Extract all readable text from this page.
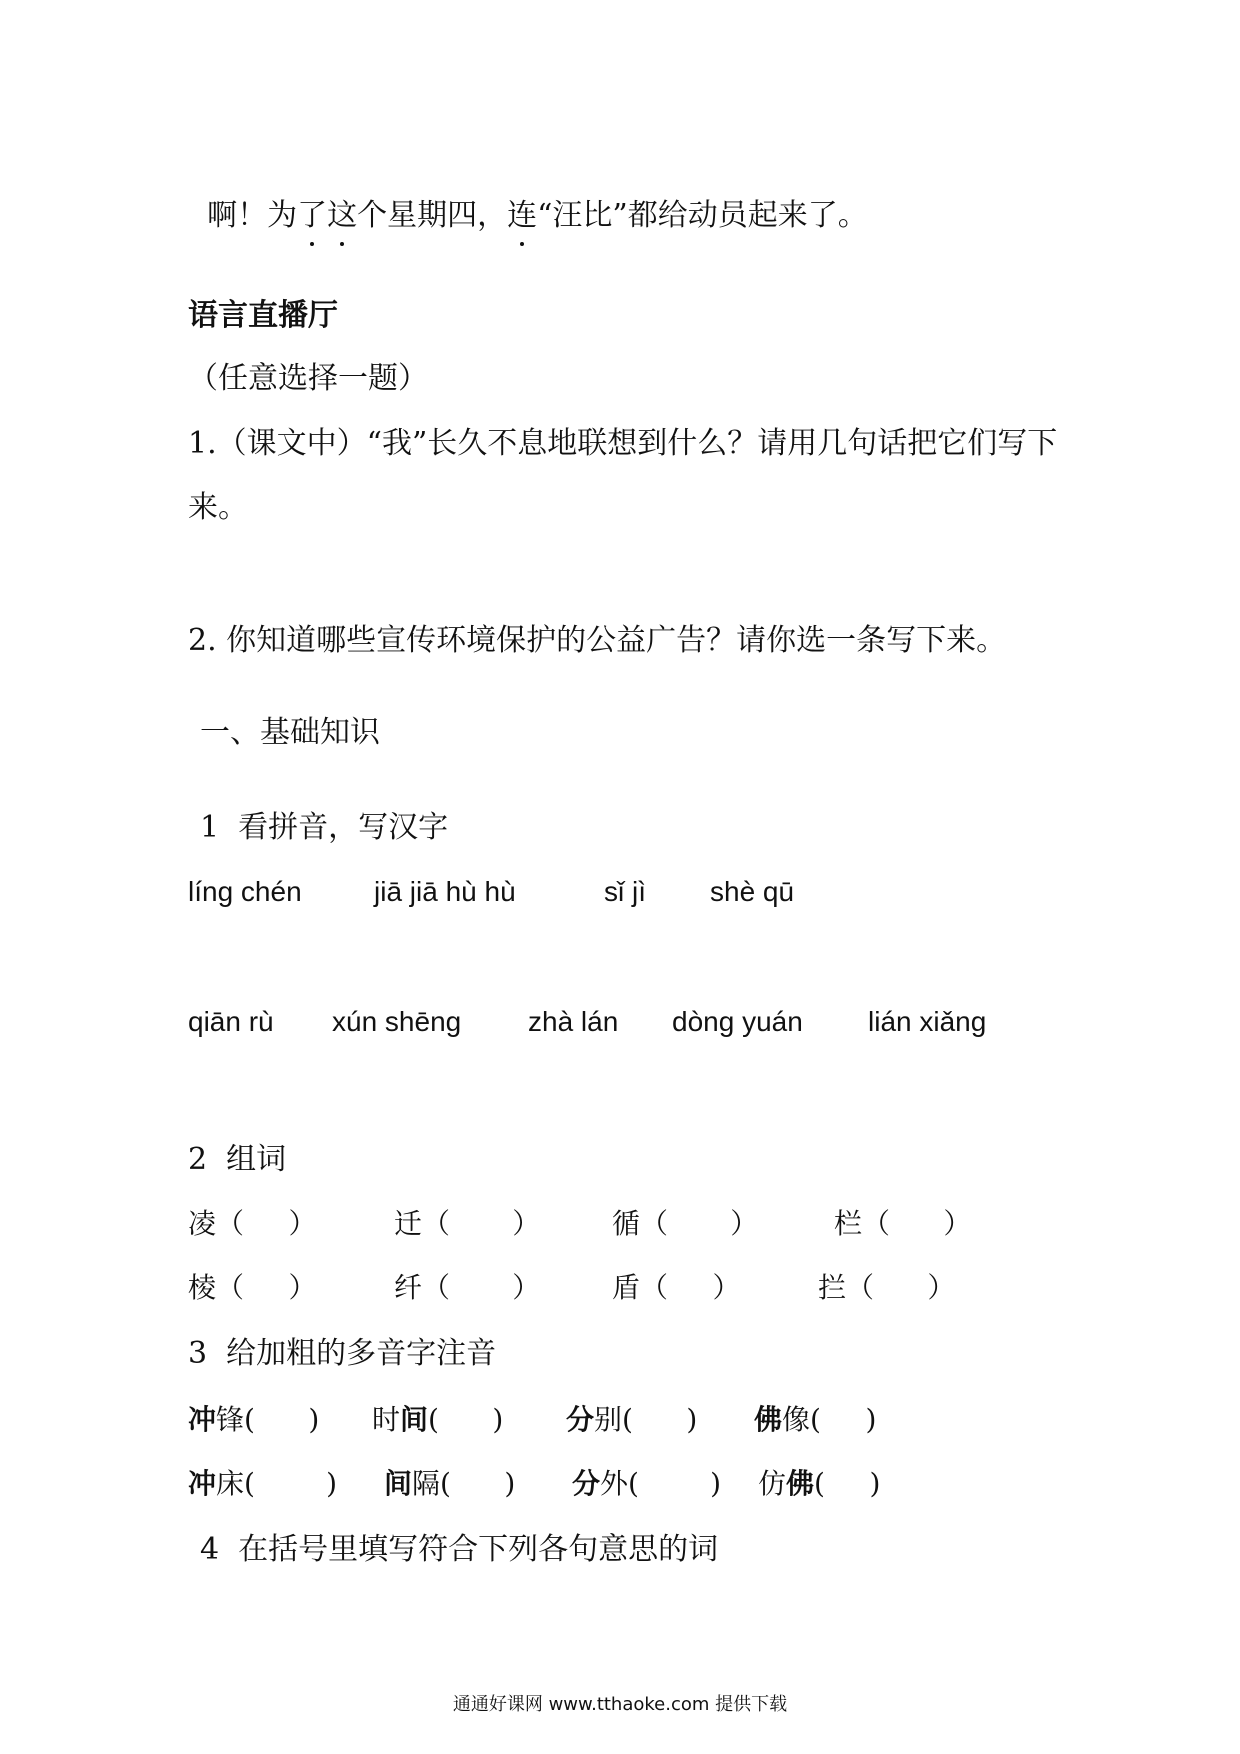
啊！为了这个星期四，连“汪比”都给动员起来了。

语言直播厅
（任意选择一题）
1.（课文中）“我”长久不息地联想到什么？请用几句话把它们写下
来。
2. 你知道哪些宣传环境保护的公益广告？请你选一条写下来。
一、基础知识
1  看拼音，写汉字
líng chén	jiā jiā hù hù	sǐ jì shè qū
qiān rù xún shēng zhà lán dòng yuán lián xiǎng
2  组词
凌（     ）	迁（       ）	循（       ）	栏（      ）
棱（     ）	纤（       ）	盾（     ）	拦（      ）
3  给加粗的多音字注音
冲锋(      ) 时间(      ) 分别(      ) 佛像(     )
冲床(        ) 间隔(      ) 分外(        ) 仿佛(     )
4  在括号里填写符合下列各句意思的词
通通好课网 www.tthaoke.com 提供下载
